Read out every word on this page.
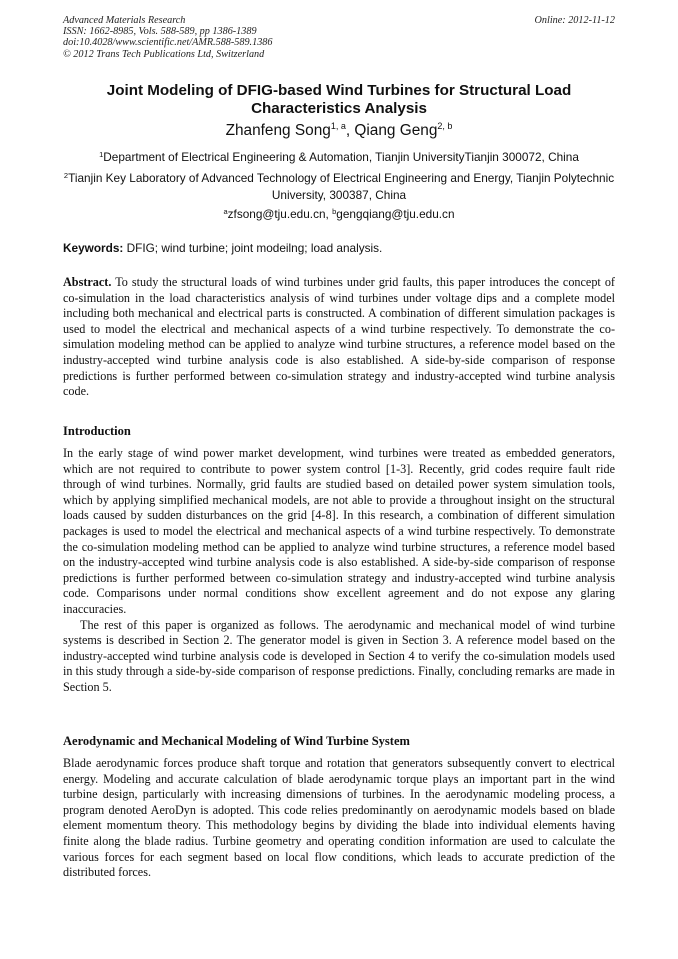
Advanced Materials Research
ISSN: 1662-8985, Vols. 588-589, pp 1386-1389
doi:10.4028/www.scientific.net/AMR.588-589.1386
© 2012 Trans Tech Publications Ltd, Switzerland
Online: 2012-11-12
Joint Modeling of DFIG-based Wind Turbines for Structural Load Characteristics Analysis
Zhanfeng Song$^{1, a}$, Qiang Geng$^{2, b}$
$^1$Department of Electrical Engineering & Automation, Tianjin UniversityTianjin 300072, China
$^2$Tianjin Key Laboratory of Advanced Technology of Electrical Engineering and Energy, Tianjin Polytechnic University, 300387, China
$^a$zfsong@tju.edu.cn, $^b$gengqiang@tju.edu.cn
Keywords: DFIG; wind turbine; joint modeilng; load analysis.
Abstract. To study the structural loads of wind turbines under grid faults, this paper introduces the concept of co-simulation in the load characteristics analysis of wind turbines under voltage dips and a complete model including both mechanical and electrical parts is constructed. A combination of different simulation packages is used to model the electrical and mechanical aspects of a wind turbine respectively. To demonstrate the co-simulation modeling method can be applied to analyze wind turbine structures, a reference model based on the industry-accepted wind turbine analysis code is also established. A side-by-side comparison of response predictions is further performed between co-simulation strategy and industry-accepted wind turbine analysis code.
Introduction
In the early stage of wind power market development, wind turbines were treated as embedded generators, which are not required to contribute to power system control [1-3]. Recently, grid codes require fault ride through of wind turbines. Normally, grid faults are studied based on detailed power system simulation tools, which by applying simplified mechanical models, are not able to provide a throughout insight on the structural loads caused by sudden disturbances on the grid [4-8]. In this research, a combination of different simulation packages is used to model the electrical and mechanical aspects of a wind turbine respectively. To demonstrate the co-simulation modeling method can be applied to analyze wind turbine structures, a reference model based on the industry-accepted wind turbine analysis code is also established. A side-by-side comparison of response predictions is further performed between co-simulation strategy and industry-accepted wind turbine analysis code. Comparisons under normal conditions show excellent agreement and do not expose any glaring inaccuracies.
The rest of this paper is organized as follows. The aerodynamic and mechanical model of wind turbine systems is described in Section 2. The generator model is given in Section 3. A reference model based on the industry-accepted wind turbine analysis code is developed in Section 4 to verify the co-simulation models used in this study through a side-by-side comparison of response predictions. Finally, concluding remarks are made in Section 5.
Aerodynamic and Mechanical Modeling of Wind Turbine System
Blade aerodynamic forces produce shaft torque and rotation that generators subsequently convert to electrical energy. Modeling and accurate calculation of blade aerodynamic torque plays an important part in the wind turbine design, particularly with increasing dimensions of turbines. In the aerodynamic modeling process, a program denoted AeroDyn is adopted. This code relies predominantly on aerodynamic models based on blade element momentum theory. This methodology begins by dividing the blade into individual elements having finite along the blade radius. Turbine geometry and operating condition information are used to calculate the various forces for each segment based on local flow conditions, which leads to accurate prediction of the distributed forces.
